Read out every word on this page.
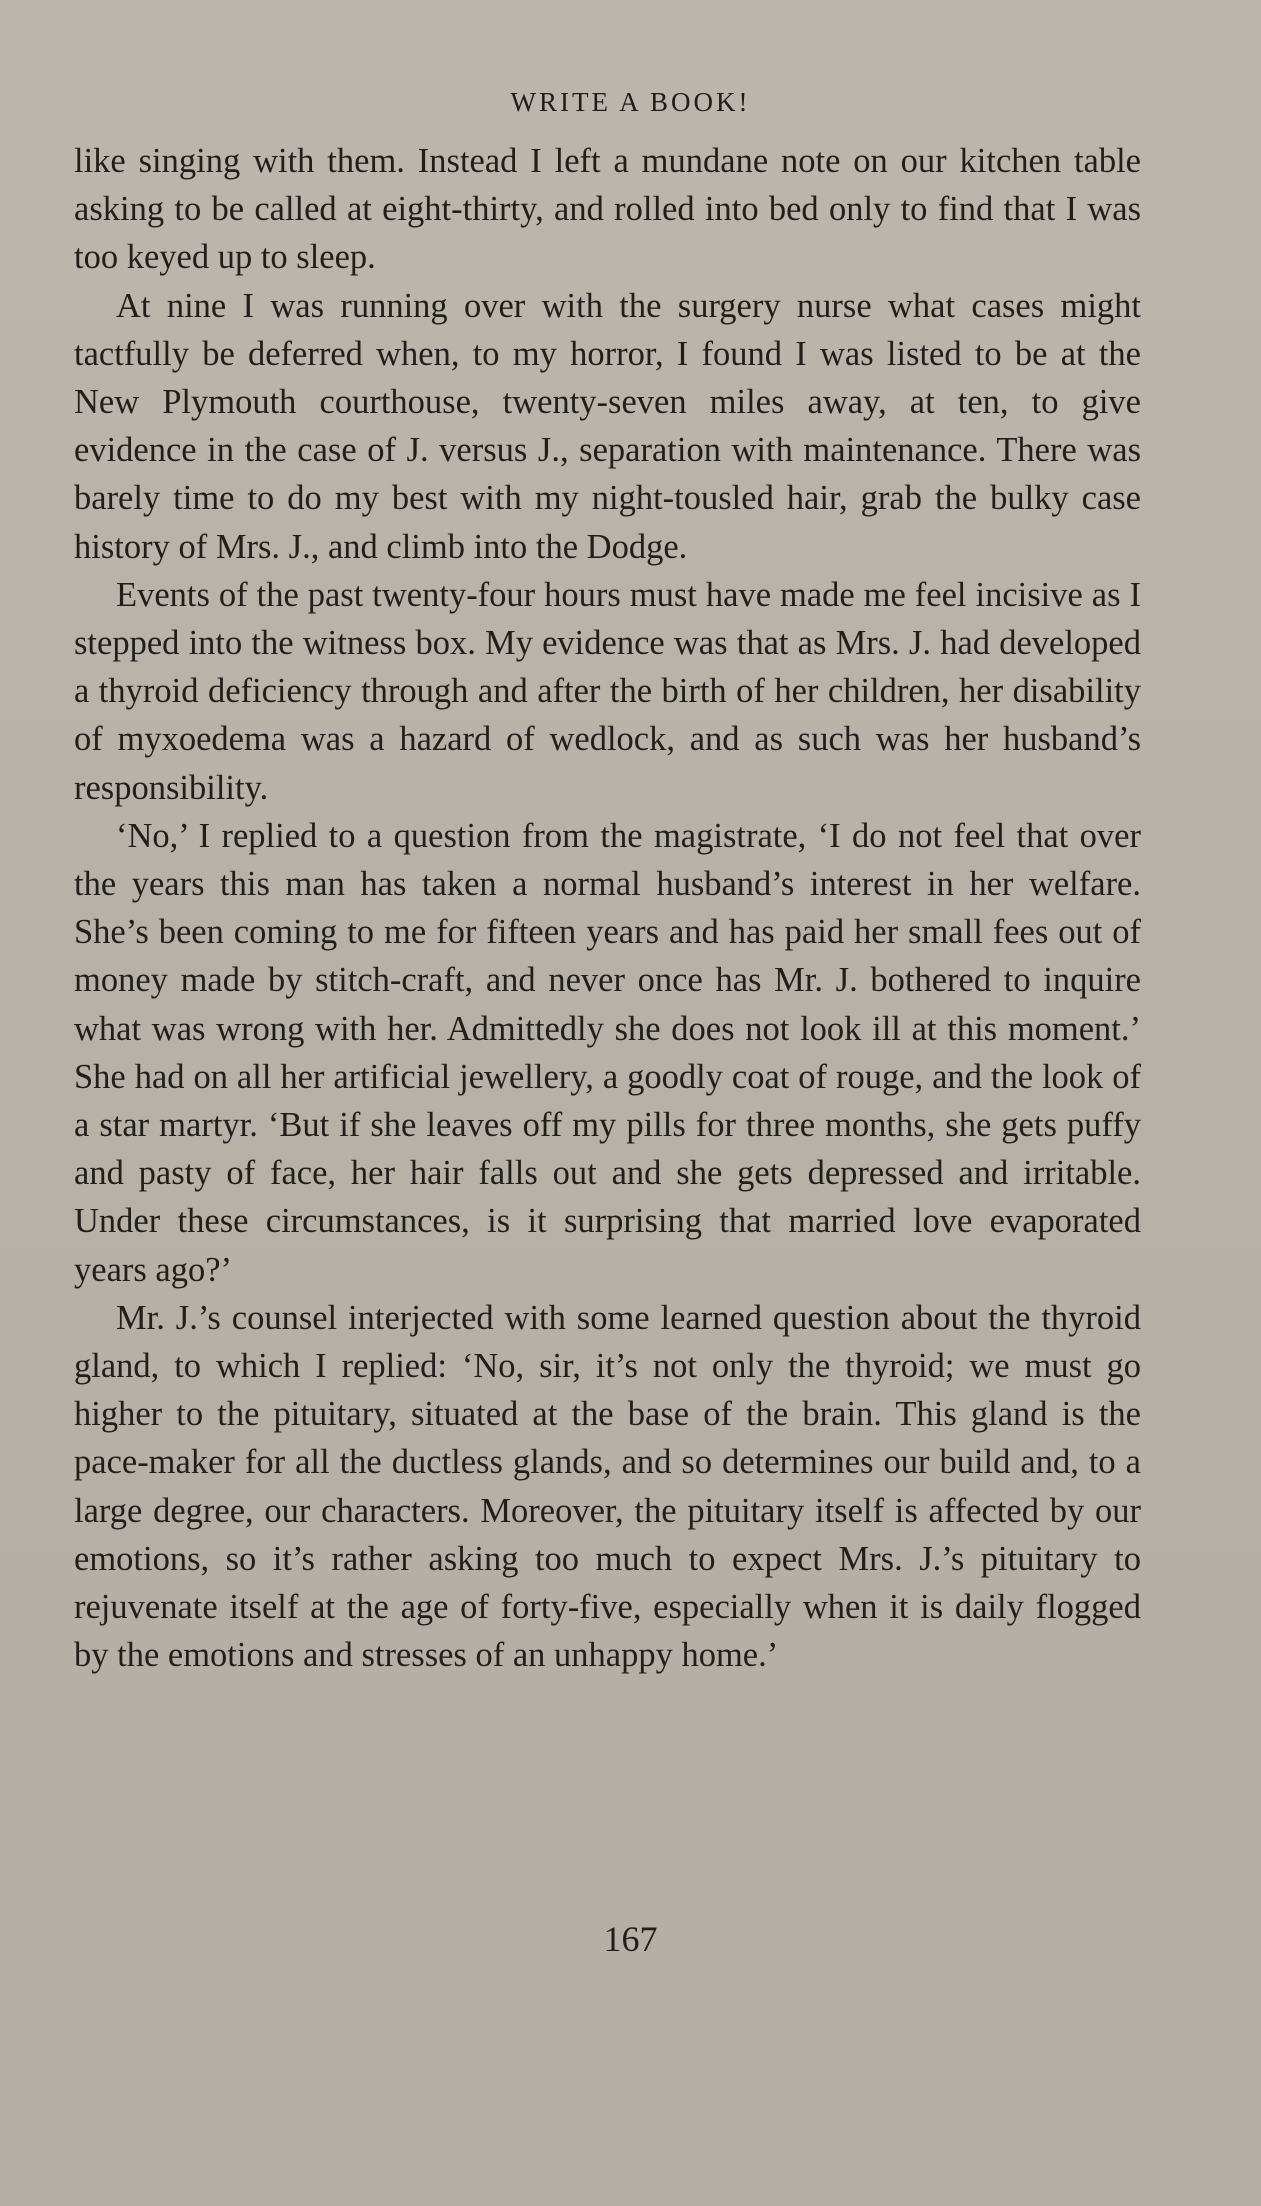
WRITE A BOOK!

like singing with them. Instead I left a mundane note on our kitchen table asking to be called at eight-thirty, and rolled into bed only to find that I was too keyed up to sleep.

At nine I was running over with the surgery nurse what cases might tactfully be deferred when, to my horror, I found I was listed to be at the New Plymouth courthouse, twenty-seven miles away, at ten, to give evidence in the case of J. versus J., separation with maintenance. There was barely time to do my best with my night-tousled hair, grab the bulky case history of Mrs. J., and climb into the Dodge.

Events of the past twenty-four hours must have made me feel incisive as I stepped into the witness box. My evidence was that as Mrs. J. had developed a thyroid deficiency through and after the birth of her children, her disability of myxoedema was a hazard of wedlock, and as such was her husband’s responsibility.

‘No,’ I replied to a question from the magistrate, ‘I do not feel that over the years this man has taken a normal husband’s interest in her welfare. She’s been coming to me for fifteen years and has paid her small fees out of money made by stitch-craft, and never once has Mr. J. bothered to inquire what was wrong with her. Admittedly she does not look ill at this moment.’ She had on all her artificial jewellery, a goodly coat of rouge, and the look of a star martyr. ‘But if she leaves off my pills for three months, she gets puffy and pasty of face, her hair falls out and she gets depressed and irritable. Under these circumstances, is it surprising that married love evaporated years ago?’

Mr. J.’s counsel interjected with some learned question about the thyroid gland, to which I replied: ‘No, sir, it’s not only the thyroid; we must go higher to the pituitary, situated at the base of the brain. This gland is the pace-maker for all the ductless glands, and so determines our build and, to a large degree, our characters. Moreover, the pituitary itself is affected by our emotions, so it’s rather asking too much to expect Mrs. J.’s pituitary to rejuvenate itself at the age of forty-five, especially when it is daily flogged by the emotions and stresses of an unhappy home.’

167
